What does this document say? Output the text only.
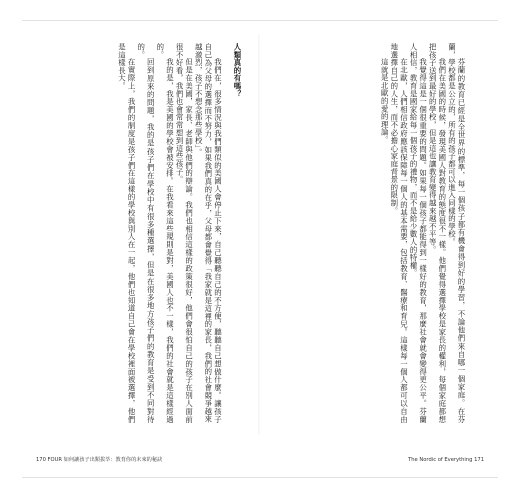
人類真的有嗎？

我們在，很多情況與我們類似的美國人會停止下來，自己聽聽自己的不方便，聽聽自己想做什麼。讓孩子自己為父母的選擇而不努力，如果我們真的在乎，父母都會覺得「我家就是這裡的家長，我們的社會競爭越來越激烈，孩子不想念那些學校」。

但是在美國，家長、老師與他們的辯論。我們也相信這樣的政策很好，他們會很怕自己的孩子在別人面前很不好看，我們也會常常想到這些孩子。

我的是，我是美國的學校會被安排。在我看來這些規則是對，美國人也不一樣，我們的社會就是這樣經過的。

回到原來的問題，我的是孩子們在學校中有很多種選擇，但是在很多地方孩子們的教育是受到不同對待的。

在實際上，我們的制度是孩子們在這樣的學校與別人在一起，他們也知道自己會在學校裡面被選擇，他們是這樣長大。	芬蘭的教育已經是全世界的標準，每一個孩子都有機會得到好的學習，不論他們來自哪一個家庭。在芬蘭，學校都是公立的，所有的孩子都可以進入同樣的學校。

我們在美國的時候，發現美國人對教育的態度很不一樣。他們覺得選擇學校是家長的權利，每個家庭都想把孩子送到最好的學校，但是這也讓教育變得越來越不平等。

我覺得這是一個很重要的問題。如果每一個孩子都能得到一樣好的教育，那麼社會就會變得更公平。芬蘭人相信，教育是國家給每一個孩子的禮物，而不是給少數人的特權。

在北歐，人們相信政府應該保障每一個人的基本需要，包括教育、醫療和育兒。這樣每一個人都可以自由地選擇自己的人生，而不必擔心家庭背景的限制。

這就是北歐的愛的理論。

170 FOUR 如何讓孩子出類拔萃：教育你的未來的秘訣	The Nordic of Everything 171
